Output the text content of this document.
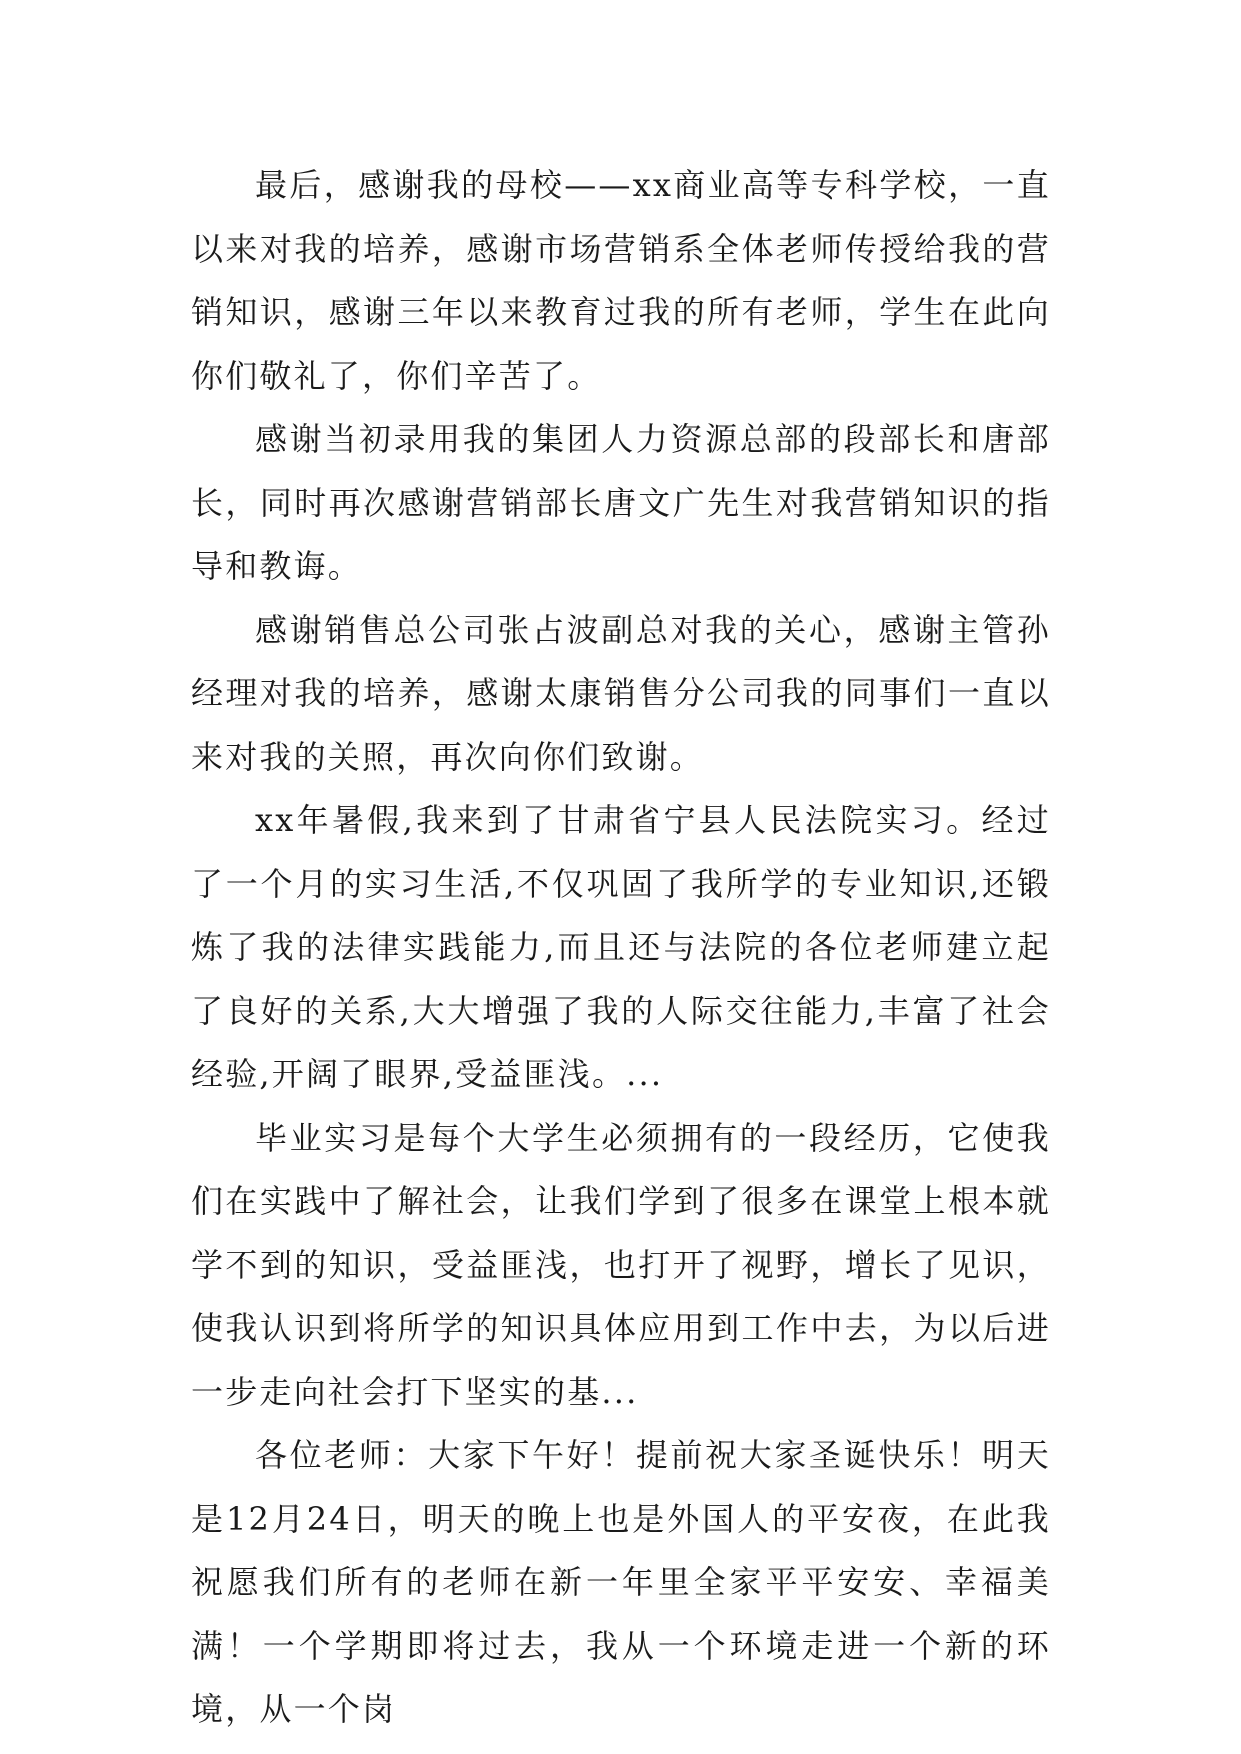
最后，感谢我的母校——xx商业高等专科学校，一直以来对我的培养，感谢市场营销系全体老师传授给我的营销知识，感谢三年以来教育过我的所有老师，学生在此向你们敬礼了，你们辛苦了。

感谢当初录用我的集团人力资源总部的段部长和唐部长，同时再次感谢营销部长唐文广先生对我营销知识的指导和教诲。

感谢销售总公司张占波副总对我的关心，感谢主管孙经理对我的培养，感谢太康销售分公司我的同事们一直以来对我的关照，再次向你们致谢。

xx年暑假,我来到了甘肃省宁县人民法院实习。经过了一个月的实习生活,不仅巩固了我所学的专业知识,还锻炼了我的法律实践能力,而且还与法院的各位老师建立起了良好的关系,大大增强了我的人际交往能力,丰富了社会经验,开阔了眼界,受益匪浅。...

毕业实习是每个大学生必须拥有的一段经历，它使我们在实践中了解社会，让我们学到了很多在课堂上根本就学不到的知识，受益匪浅，也打开了视野，增长了见识，使我认识到将所学的知识具体应用到工作中去，为以后进一步走向社会打下坚实的基...

各位老师：大家下午好！提前祝大家圣诞快乐！明天是12月24日，明天的晚上也是外国人的平安夜，在此我祝愿我们所有的老师在新一年里全家平平安安、幸福美满！一个学期即将过去，我从一个环境走进一个新的环境，从一个岗
